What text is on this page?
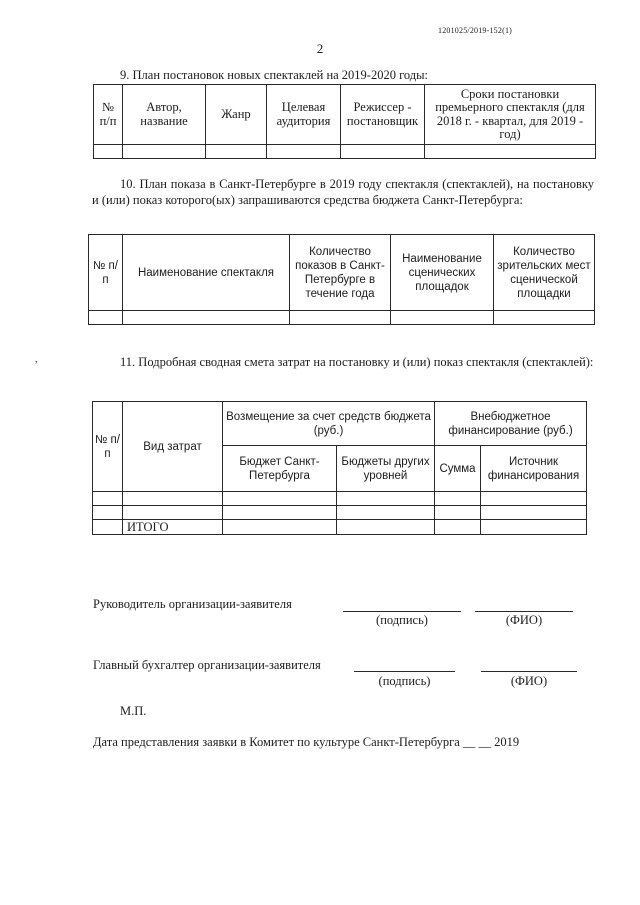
1201025/2019-152(1)
2
9. План постановок новых спектаклей на 2019-2020 годы:
№ п/п	Автор, название	Жанр	Целевая аудитория	Режиссер - постановщик	Сроки постановки премьерного спектакля (для 2018 г. - квартал, для 2019 - год)

10. План показа в Санкт-Петербурге в 2019 году спектакля (спектаклей), на постановку и (или) показ которого(ых) запрашиваются средства бюджета Санкт-Петербурга:
№ п/п	Наименование спектакля	Количество показов в Санкт-Петербурге в течение года	Наименование сценических площадок	Количество зрительских мест сценической площадки

,	11. Подробная сводная смета затрат на постановку и (или) показ спектакля (спектаклей):
№ п/п	Вид затрат	Возмещение за счет средств бюджета (руб.)		Внебюджетное финансирование (руб.)	
		Бюджет Санкт-Петербурга	Бюджеты других уровней	Сумма	Источник финансирования

	ИТОГО				
Руководитель организации-заявителя
(подпись)	(ФИО)
Главный бухгалтер организации-заявителя
(подпись)	(ФИО)
М.П.
Дата представления заявки в Комитет по культуре Санкт-Петербурга __ __ 2019
